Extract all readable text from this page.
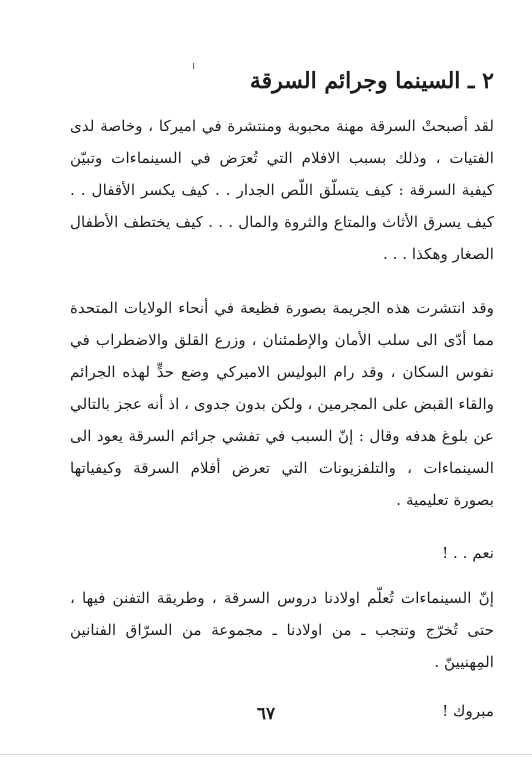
٢ ـ السينما وجرائم السرقة

لقد أصبحتْ السرقة مهنة محبوبة ومنتشرة في اميركا ، وخاصة لدى الفتيات ، وذلك بسبب الافلام التي تُعرَض في السينماءات وتبيّن كيفية السرقة : كيف يتسلّق اللّص الجدار . . كيف يكسر الأقفال . . كيف يسرق الأثاث والمتاع والثروة والمال . . . كيف يختطف الأطفال الصغار وهكذا . . .

وقد انتشرت هذه الجريمة بصورة فظيعة في أنحاء الولايات المتحدة مما أدّى الى سلب الأمان والإطمئنان ، وزرع القلق والاضطراب في نفوس السكان ، وقد رام البوليس الاميركي وضع حدٍّ لهذه الجرائم والقاء القبض على المجرمين ، ولكن بدون جدوى ، اذ أنه عجز بالتالي عن بلوغ هدفه وقال : إنّ السبب في تفشي جرائم السرقة يعود الى السينماءات ، والتلفزيونات التي تعرض أفلام السرقة وكيفياتها بصورة تعليمية .

نعم . . !

إنّ السينماءات تُعلّم اولادنا دروس السرقة ، وطريقة التفنن فيها ، حتى تُخرّج وتنجب ـ من اولادنا ـ مجموعة من السرّاق الفنانين المِهنيينّ .

مبروك !

٦٧
